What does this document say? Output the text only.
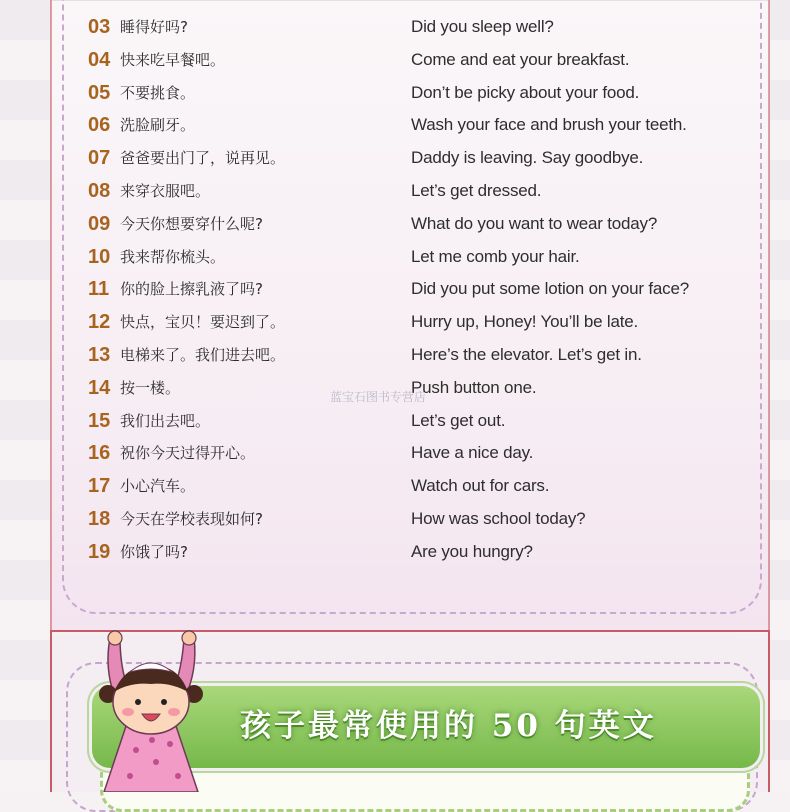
03 睡得好吗?	Did you sleep well?
04 快来吃早餐吧。	Come and eat your breakfast.
05 不要挑食。	Don’t be picky about your food.
06 洗脸刷牙。	Wash your face and brush your teeth.
07 爸爸要出门了，说再见。	Daddy is leaving. Say goodbye.
08 来穿衣服吧。	Let’s get dressed.
09 今天你想要穿什么呢?	What do you want to wear today?
10 我来帮你梳头。	Let me comb your hair.
11 你的脸上擦乳液了吗?	Did you put some lotion on your face?
12 快点，宝贝！要迟到了。	Hurry up, Honey! You’ll be late.
13 电梯来了。我们进去吧。	Here’s the elevator. Let’s get in.
14 按一楼。	Push button one.
15 我们出去吧。	Let’s get out.
16 祝你今天过得开心。	Have a nice day.
17 小心汽车。	Watch out for cars.
18 今天在学校表现如何?	How was school today?
19 你饿了吗?	Are you hungry?
蓝宝石图书专营店
孩子最常使用的 50 句英文
